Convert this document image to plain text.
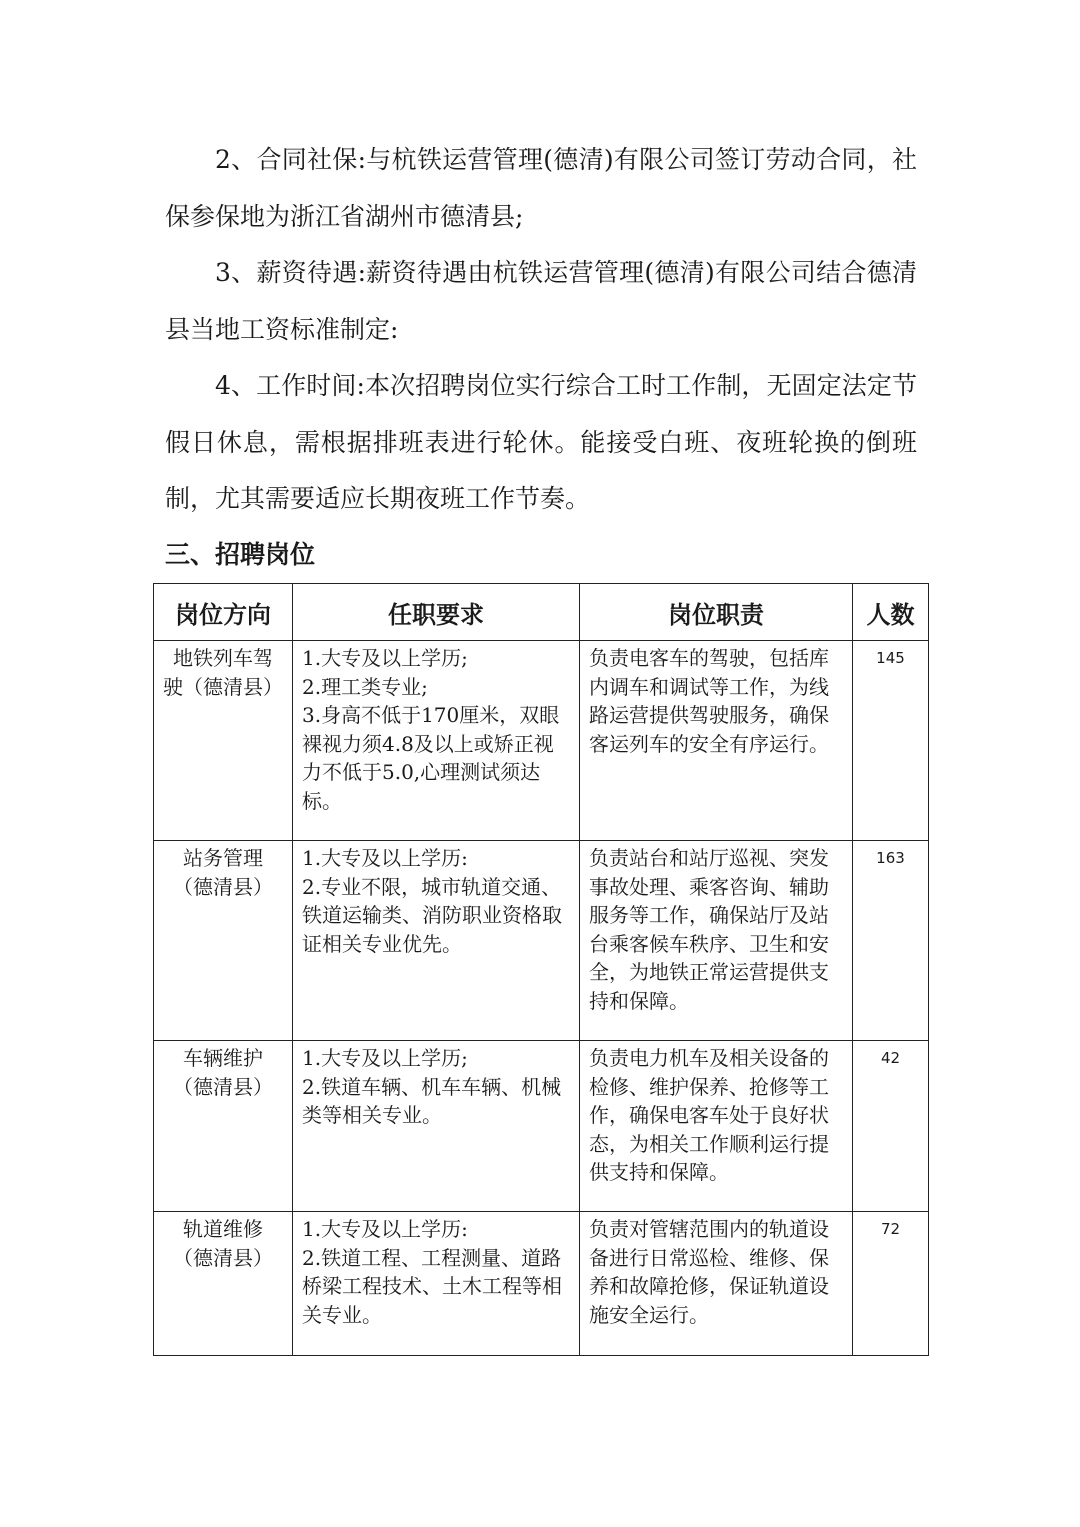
2、合同社保:与杭铁运营管理(德清)有限公司签订劳动合同，社保参保地为浙江省湖州市德清县;

3、薪资待遇:薪资待遇由杭铁运营管理(德清)有限公司结合德清县当地工资标准制定:

4、工作时间:本次招聘岗位实行综合工时工作制，无固定法定节假日休息，需根据排班表进行轮休。能接受白班、夜班轮换的倒班制，尤其需要适应长期夜班工作节奏。

三、招聘岗位
岗位方向	任职要求	岗位职责	人数

地铁列车驾
驶（德清县）	1.大专及以上学历;
2.理工类专业;
3.身高不低于170厘米，双眼裸视力须4.8及以上或矫正视力不低于5.0,心理测试须达标。	负责电客车的驾驶，包括库内调车和调试等工作，为线路运营提供驾驶服务，确保客运列车的安全有序运行。	145

站务管理
（德清县）	1.大专及以上学历:
2.专业不限，城市轨道交通、铁道运输类、消防职业资格取证相关专业优先。	负责站台和站厅巡视、突发事故处理、乘客咨询、辅助服务等工作，确保站厅及站台乘客候车秩序、卫生和安全，为地铁正常运营提供支持和保障。	163

车辆维护
（德清县）	1.大专及以上学历;
2.铁道车辆、机车车辆、机械类等相关专业。	负责电力机车及相关设备的检修、维护保养、抢修等工作，确保电客车处于良好状态，为相关工作顺利运行提供支持和保障。	42

轨道维修
（德清县）	1.大专及以上学历:
2.铁道工程、工程测量、道路桥梁工程技术、土木工程等相关专业。	负责对管辖范围内的轨道设备进行日常巡检、维修、保养和故障抢修，保证轨道设施安全运行。	72
